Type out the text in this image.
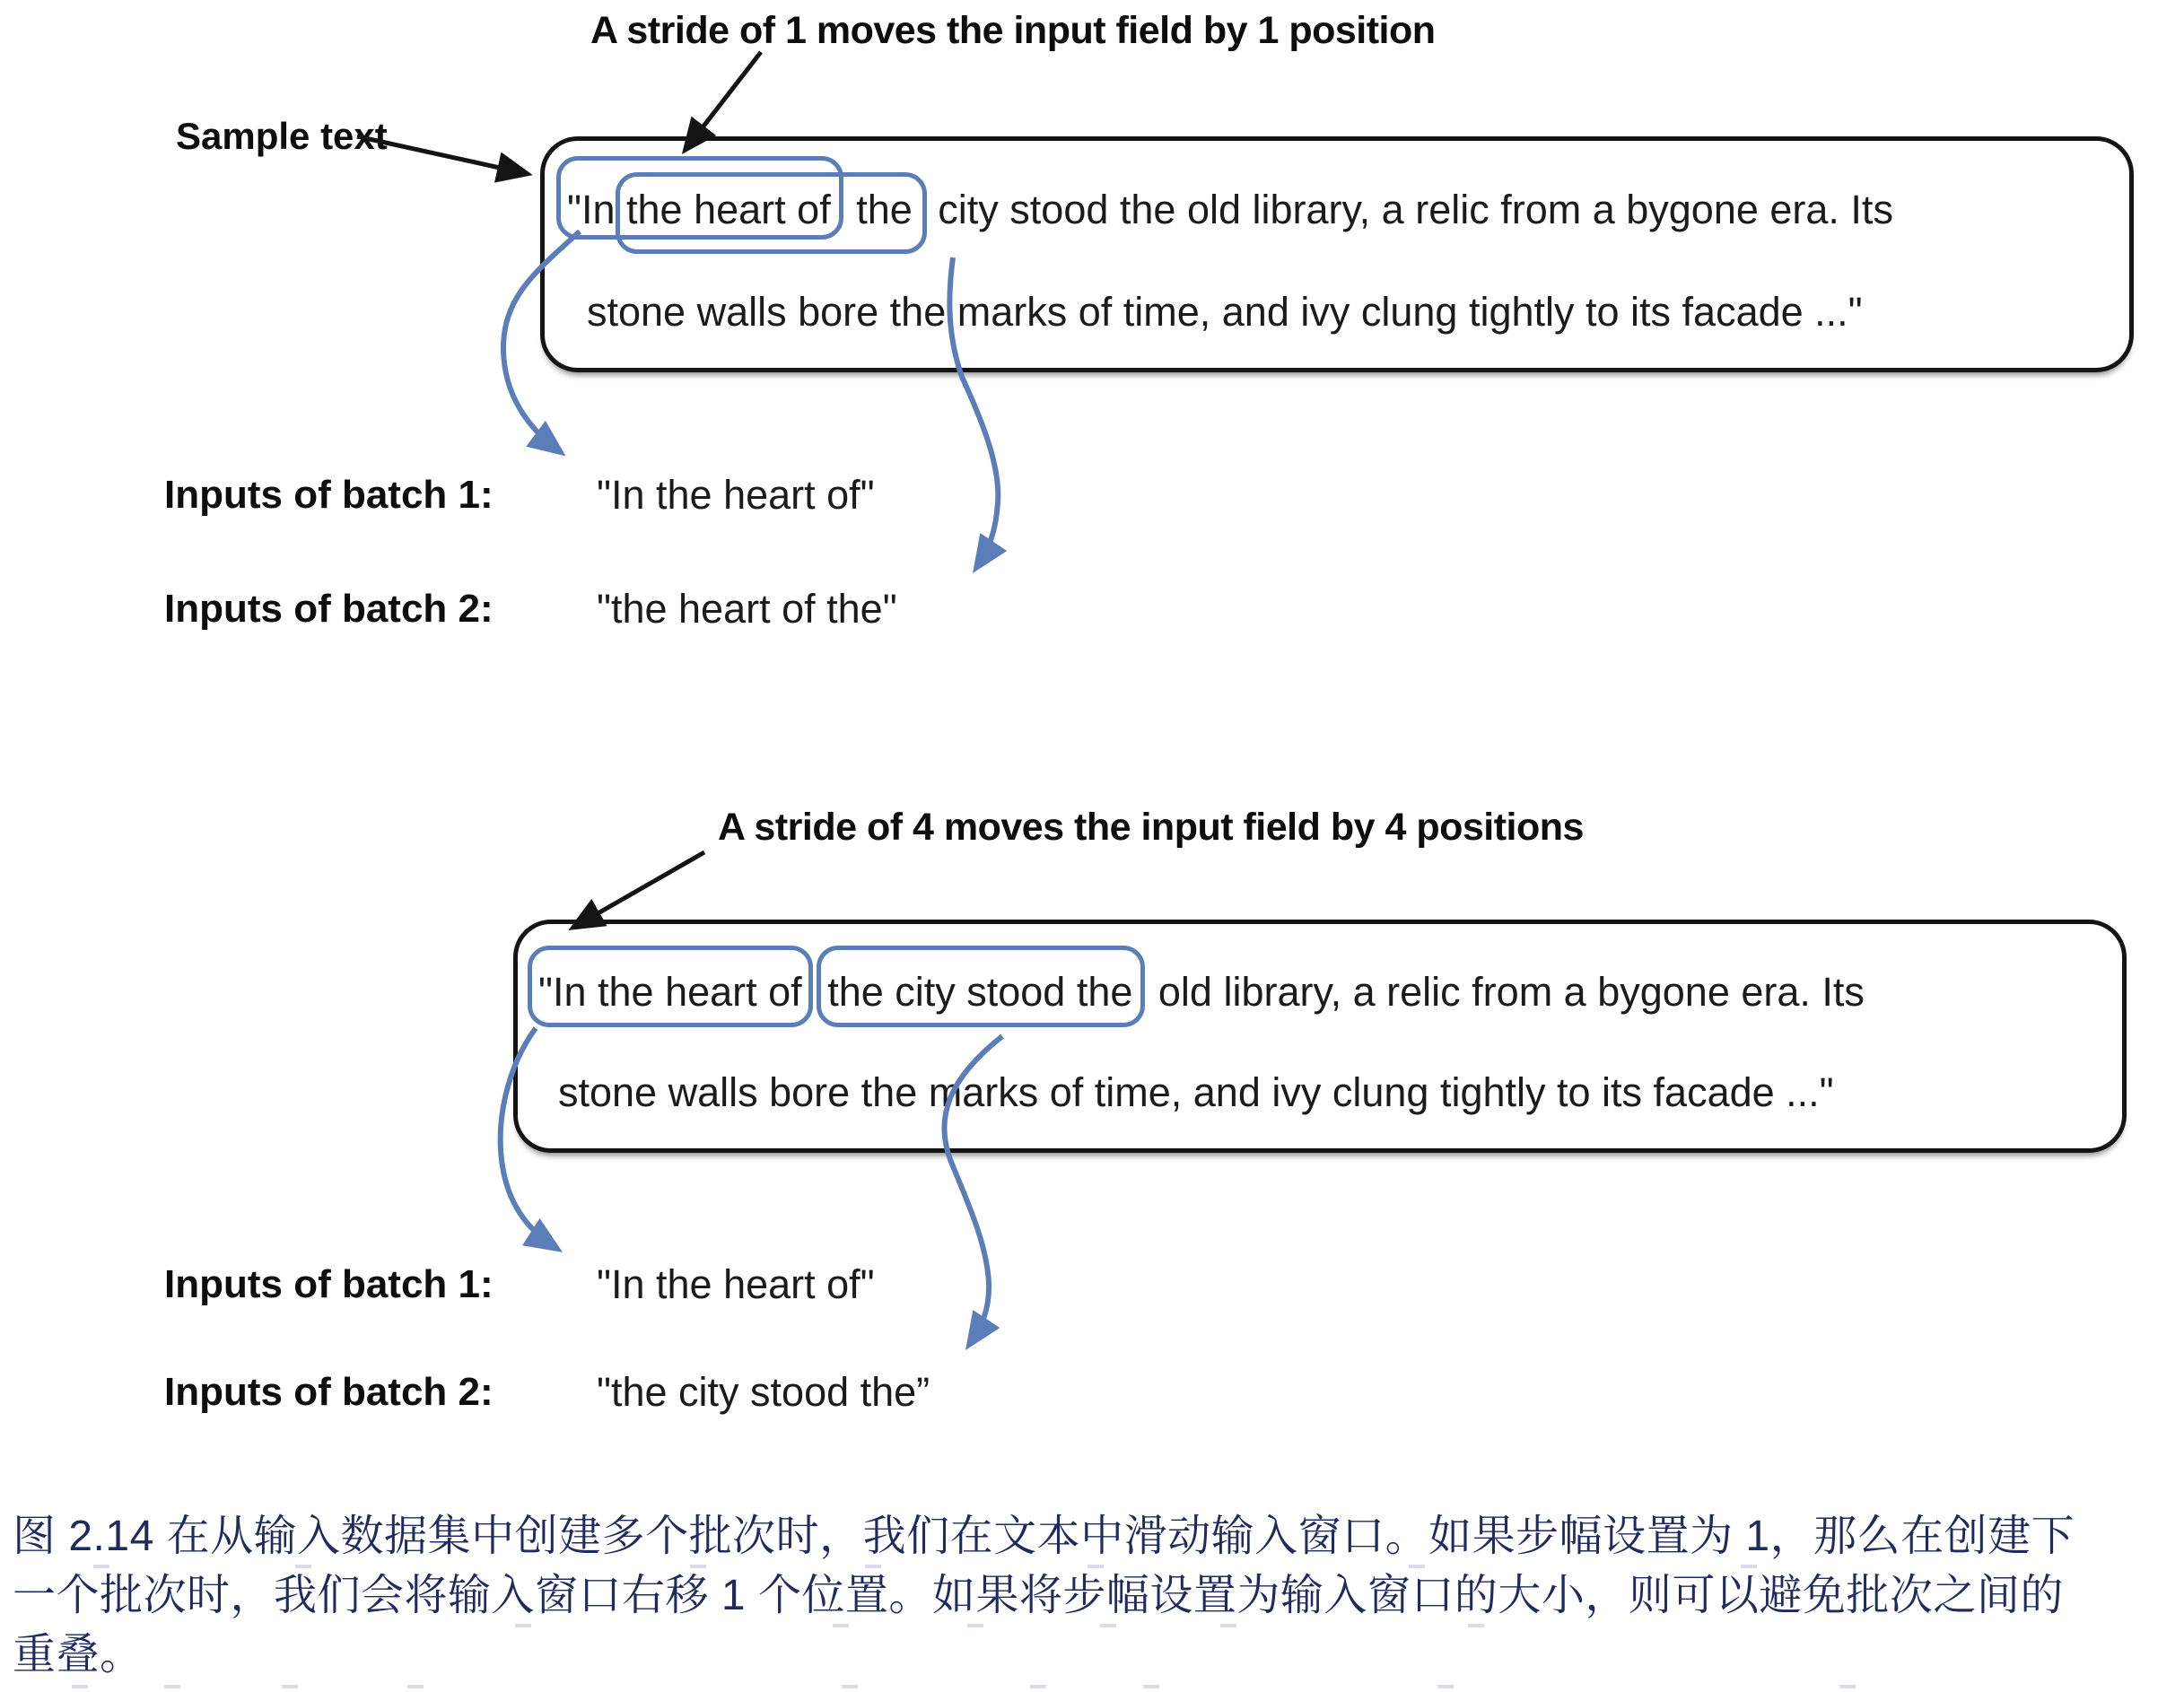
A stride of 1 moves the input field by 1 position
Sample text
"In the heart of the city stood the old library, a relic from a bygone era. Its
stone walls bore the marks of time, and ivy clung tightly to its facade ..."
Inputs of batch 1:	"In the heart of"
Inputs of batch 2:	"the heart of the"
A stride of 4 moves the input field by 4 positions
"In the heart of the city stood the old library, a relic from a bygone era. Its
stone walls bore the marks of time, and ivy clung tightly to its facade ..."
Inputs of batch 1:	"In the heart of"
Inputs of batch 2:	"the city stood the”
图 2.14 在从输入数据集中创建多个批次时，我们在文本中滑动输入窗口。如果步幅设置为 1，那么在创建下
一个批次时，我们会将输入窗口右移 1 个位置。如果将步幅设置为输入窗口的大小，则可以避免批次之间的
重叠。
